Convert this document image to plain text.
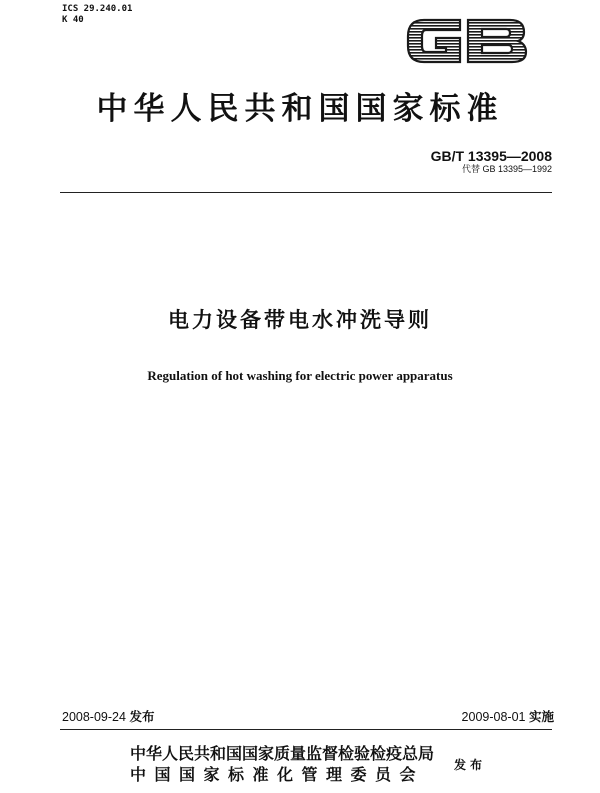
ICS 29.240.01
K 40
中华人民共和国国家标准
GB/T 13395—2008
代替 GB 13395—1992
电力设备带电水冲洗导则
Regulation of hot washing for electric power apparatus
2008-09-24 发布	2009-08-01 实施
中华人民共和国国家质量监督检验检疫总局
中国国家标准化管理委员会 发布
